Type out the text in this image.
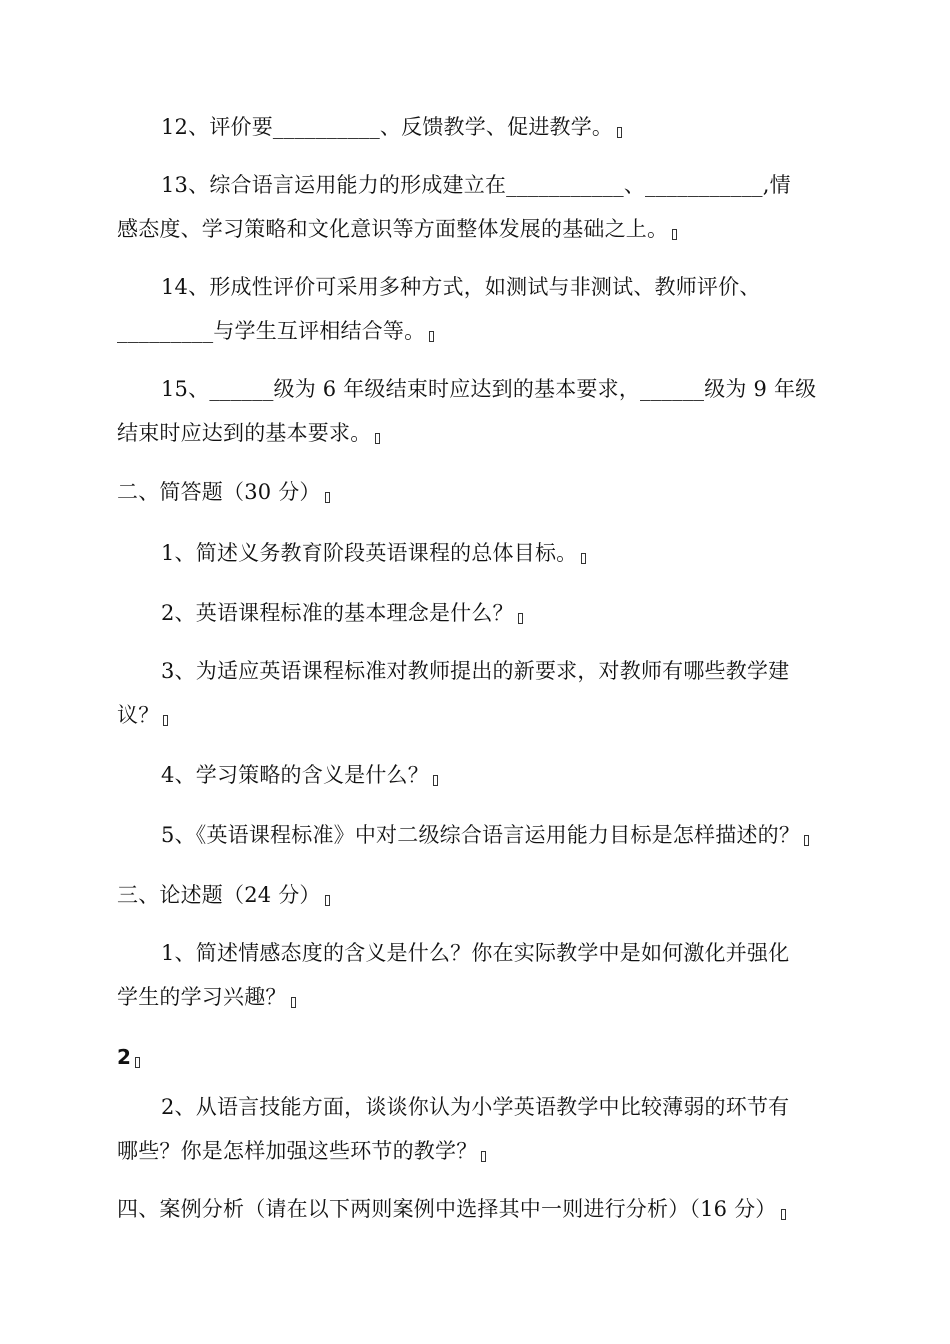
12、评价要__________、反馈教学、促进教学。
13、综合语言运用能力的形成建立在___________、___________,情
感态度、学习策略和文化意识等方面整体发展的基础之上。
14、形成性评价可采用多种方式，如测试与非测试、教师评价、
_________与学生互评相结合等。
15、______级为 6 年级结束时应达到的基本要求，______级为 9 年级
结束时应达到的基本要求。
二、简答题（30 分）
1、简述义务教育阶段英语课程的总体目标。
2、英语课程标准的基本理念是什么？
3、为适应英语课程标准对教师提出的新要求，对教师有哪些教学建
议？
4、学习策略的含义是什么？
5、《英语课程标准》中对二级综合语言运用能力目标是怎样描述的？
三、论述题（24 分）
1、简述情感态度的含义是什么？你在实际教学中是如何激化并强化
学生的学习兴趣？
2
2、从语言技能方面，谈谈你认为小学英语教学中比较薄弱的环节有
哪些？你是怎样加强这些环节的教学？
四、案例分析（请在以下两则案例中选择其中一则进行分析）（16 分）
